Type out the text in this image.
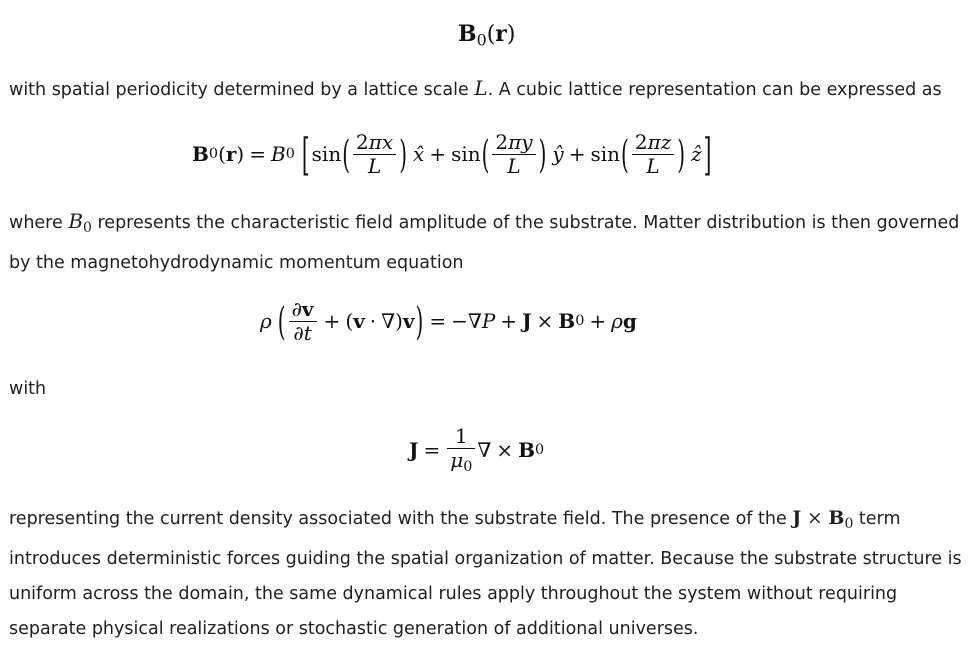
$B_0(r)$

with spatial periodicity determined by a lattice scale L. A cubic lattice representation can be expressed as

B 0 ( r ) = B 0 [ sin ( $\frac{2\pi x}{L}$ ) x̂ + sin ( $\frac{2\pi y}{L}$ ) ŷ + sin ( $\frac{2\pi z}{L}$ ) ẑ ]

where $B_0$ represents the characteristic field amplitude of the substrate. Matter distribution is then governed by the magnetohydrodynamic momentum equation

ρ ( $\frac{\partial v}{\partial t}$ + ( v · ∇) v ) = −∇ P + J × B 0 + ρ g

with

$J = \frac{1}{\mu_0}$ ∇ × B 0

representing the current density associated with the substrate field. The presence of the $J \times B_0$ term introduces deterministic forces guiding the spatial organization of matter. Because the substrate structure is uniform across the domain, the same dynamical rules apply throughout the system without requiring separate physical realizations or stochastic generation of additional universes.
